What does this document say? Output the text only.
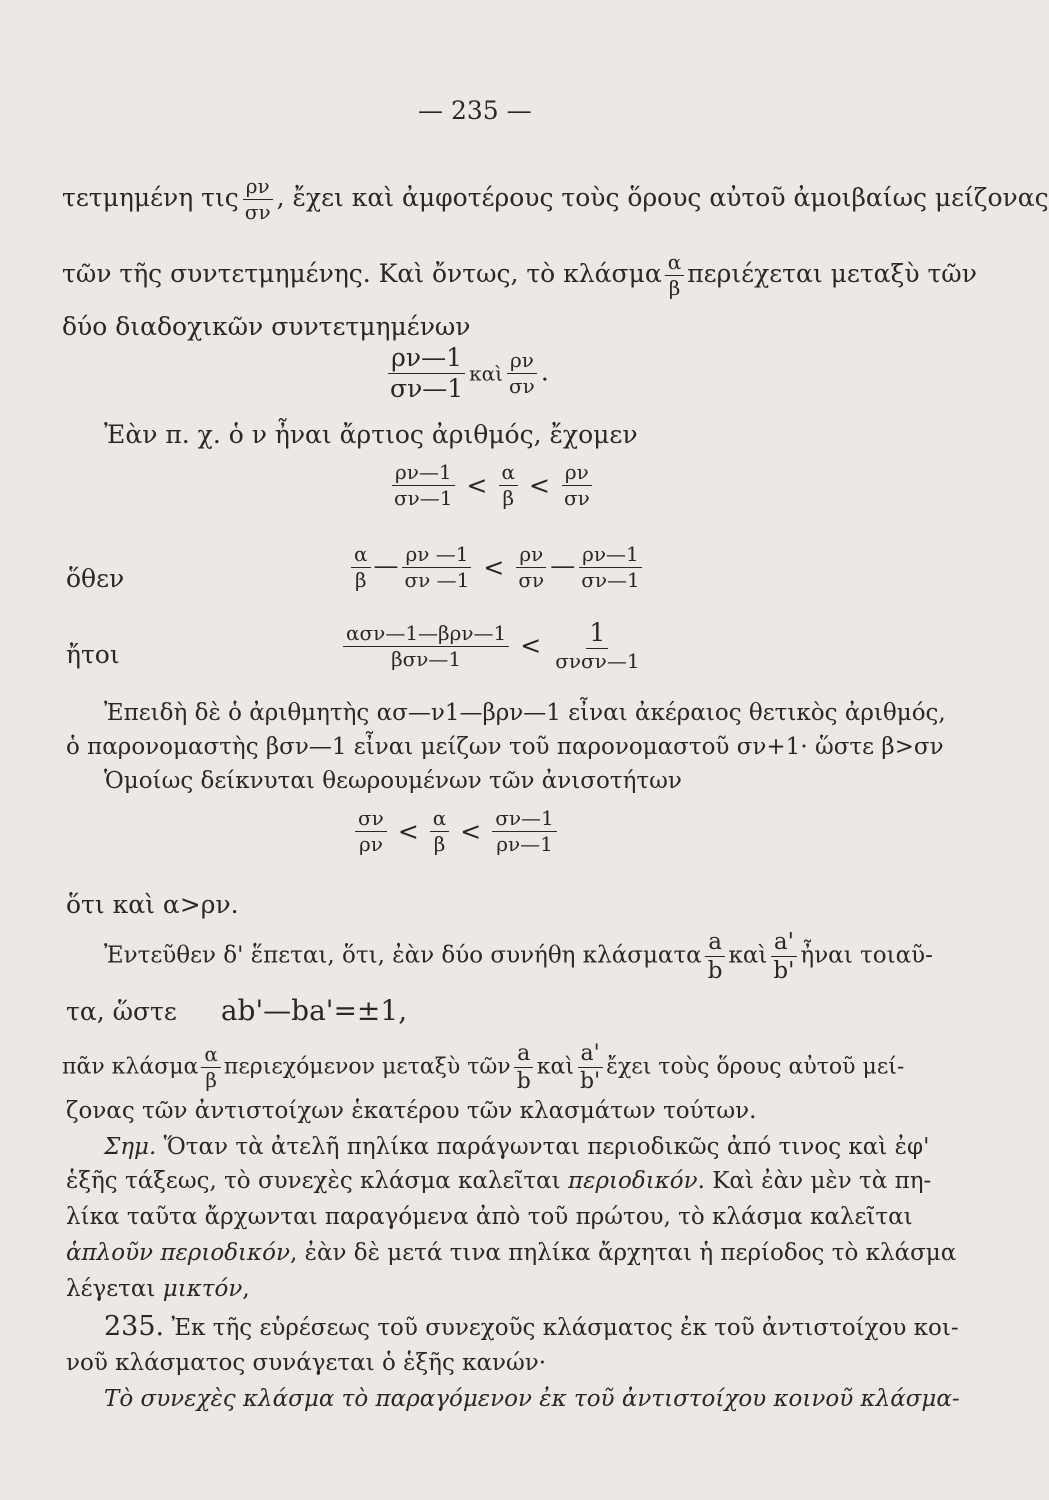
— 235 —
τετμημένη τις $\frac{\rho\nu}{\sigma\nu}$ , ἔχει καὶ ἀμφοτέρους τοὺς ὅρους αὐτοῦ ἀμοιβαίως μείζονας
τῶν τῆς συντετμημένης. Καὶ ὄντως, τὸ κλάσμα $\frac{\alpha}{\beta}$ περιέχεται μεταξὺ τῶν
δύο διαδοχικῶν συντετμημένων
$\frac{\rho\nu—1}{\sigma\nu—1}$ καὶ $\frac{\rho\nu}{\sigma\nu}$ .
Ἐὰν π. χ. ὁ ν ἦναι ἄρτιος ἀριθμός, ἔχομεν
$\frac{\rho\nu—1}{\sigma\nu—1} < \frac{\alpha}{\beta} < \frac{\rho\nu}{\sigma\nu}$
ὅθεν	$\frac{\alpha}{\beta}$ — $\frac{\rho\nu —1}{\sigma\nu —1} < \frac{\rho\nu}{\sigma\nu}$ — $\frac{\rho\nu—1}{\sigma\nu—1}$
ἤτοι	$\frac{\text{ασν—1—βρν—1}}{\text{βσν—1}} < \frac{1}{\text{σνσν—1}}$
Ἐπειδὴ δὲ ὁ ἀριθμητὴς ασ—ν1—βρν—1 εἶναι ἀκέραιος θετικὸς ἀριθμός,
ὁ παρονομαστὴς βσν—1 εἶναι μείζων τοῦ παρονομαστοῦ σν+1· ὥστε β>σν
Ὁμοίως δείκνυται θεωρουμένων τῶν ἀνισοτήτων
$\frac{\sigma\nu}{\rho\nu} < \frac{\alpha}{\beta} < \frac{\sigma\nu—1}{\rho\nu—1}$
ὅτι καὶ α>ρν.
Ἐντεῦθεν δ' ἕπεται, ὅτι, ἐὰν δύο συνήθη κλάσματα $\frac{a}{b}$ καὶ $\frac{a'}{b'}$ ἦναι τοιαῦ-
τα, ὥστε ab'—ba'=±1,
πᾶν κλάσμα $\frac{\alpha}{\beta}$ περιεχόμενον μεταξὺ τῶν $\frac{a}{b}$ καὶ $\frac{a'}{b'}$ ἔχει τοὺς ὅρους αὐτοῦ μεί-
ζονας τῶν ἀντιστοίχων ἑκατέρου τῶν κλασμάτων τούτων.
Σημ. Ὅταν τὰ ἀτελῆ πηλίκα παράγωνται περιοδικῶς ἀπό τινος καὶ ἐφ'
ἑξῆς τάξεως, τὸ συνεχὲς κλάσμα καλεῖται περιοδικόν. Καὶ ἐὰν μὲν τὰ πη-
λίκα ταῦτα ἄρχωνται παραγόμενα ἀπὸ τοῦ πρώτου, τὸ κλάσμα καλεῖται
ἁπλοῦν περιοδικόν, ἐὰν δὲ μετά τινα πηλίκα ἄρχηται ἡ περίοδος τὸ κλάσμα
λέγεται μικτόν,
235. Ἐκ τῆς εὑρέσεως τοῦ συνεχοῦς κλάσματος ἐκ τοῦ ἀντιστοίχου κοι-
νοῦ κλάσματος συνάγεται ὁ ἑξῆς κανών·
Τὸ συνεχὲς κλάσμα τὸ παραγόμενον ἐκ τοῦ ἀντιστοίχου κοινοῦ κλάσμα-
